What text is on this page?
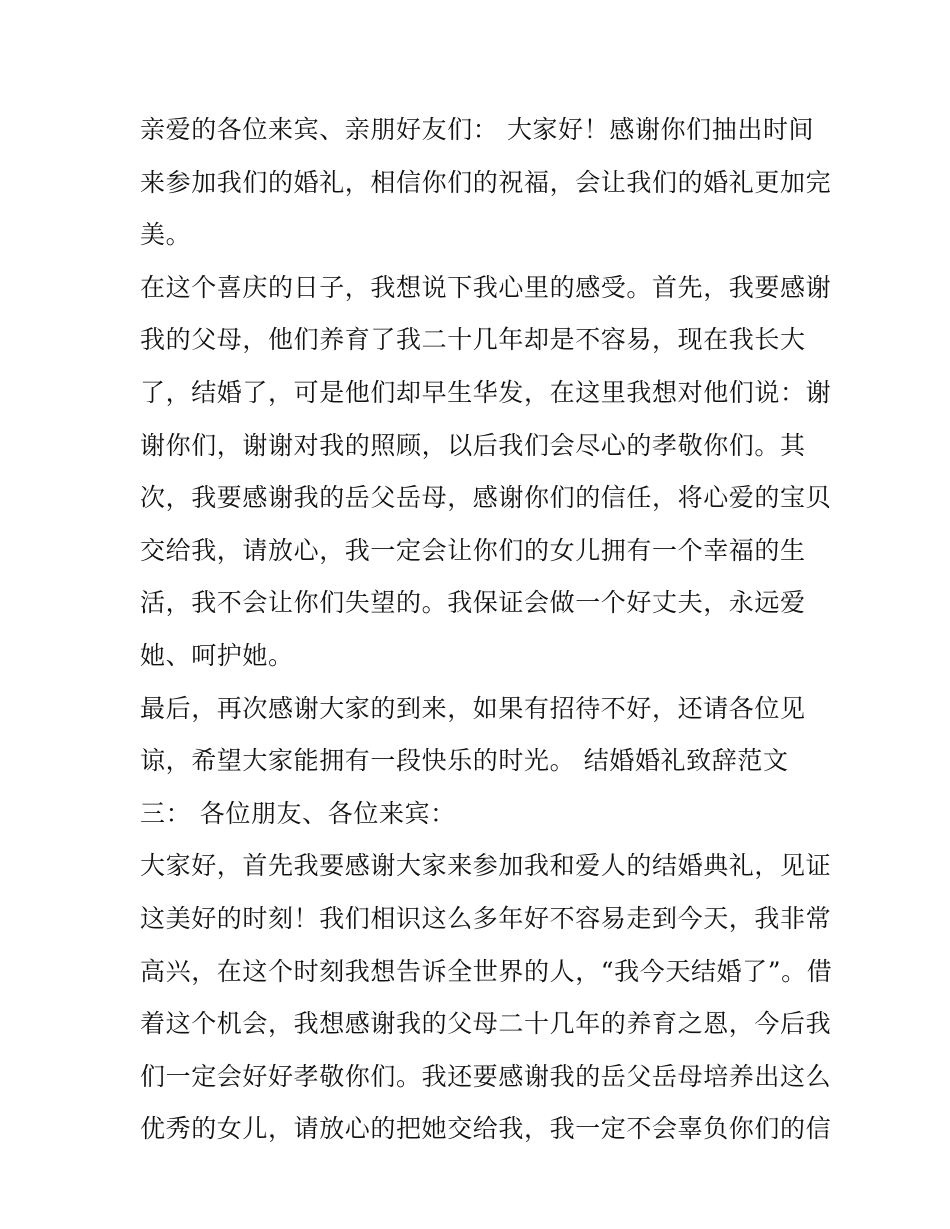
亲爱的各位来宾、亲朋好友们： 大家好！感谢你们抽出时间
来参加我们的婚礼，相信你们的祝福，会让我们的婚礼更加完
美。
在这个喜庆的日子，我想说下我心里的感受。首先，我要感谢
我的父母，他们养育了我二十几年却是不容易，现在我长大
了，结婚了，可是他们却早生华发，在这里我想对他们说：谢
谢你们，谢谢对我的照顾，以后我们会尽心的孝敬你们。其
次，我要感谢我的岳父岳母，感谢你们的信任，将心爱的宝贝
交给我，请放心，我一定会让你们的女儿拥有一个幸福的生
活，我不会让你们失望的。我保证会做一个好丈夫，永远爱
她、呵护她。
最后，再次感谢大家的到来，如果有招待不好，还请各位见
谅，希望大家能拥有一段快乐的时光。 结婚婚礼致辞范文
三： 各位朋友、各位来宾：
大家好，首先我要感谢大家来参加我和爱人的结婚典礼，见证
这美好的时刻！我们相识这么多年好不容易走到今天，我非常
高兴，在这个时刻我想告诉全世界的人，“我今天结婚了”。借
着这个机会，我想感谢我的父母二十几年的养育之恩，今后我
们一定会好好孝敬你们。我还要感谢我的岳父岳母培养出这么
优秀的女儿，请放心的把她交给我，我一定不会辜负你们的信
